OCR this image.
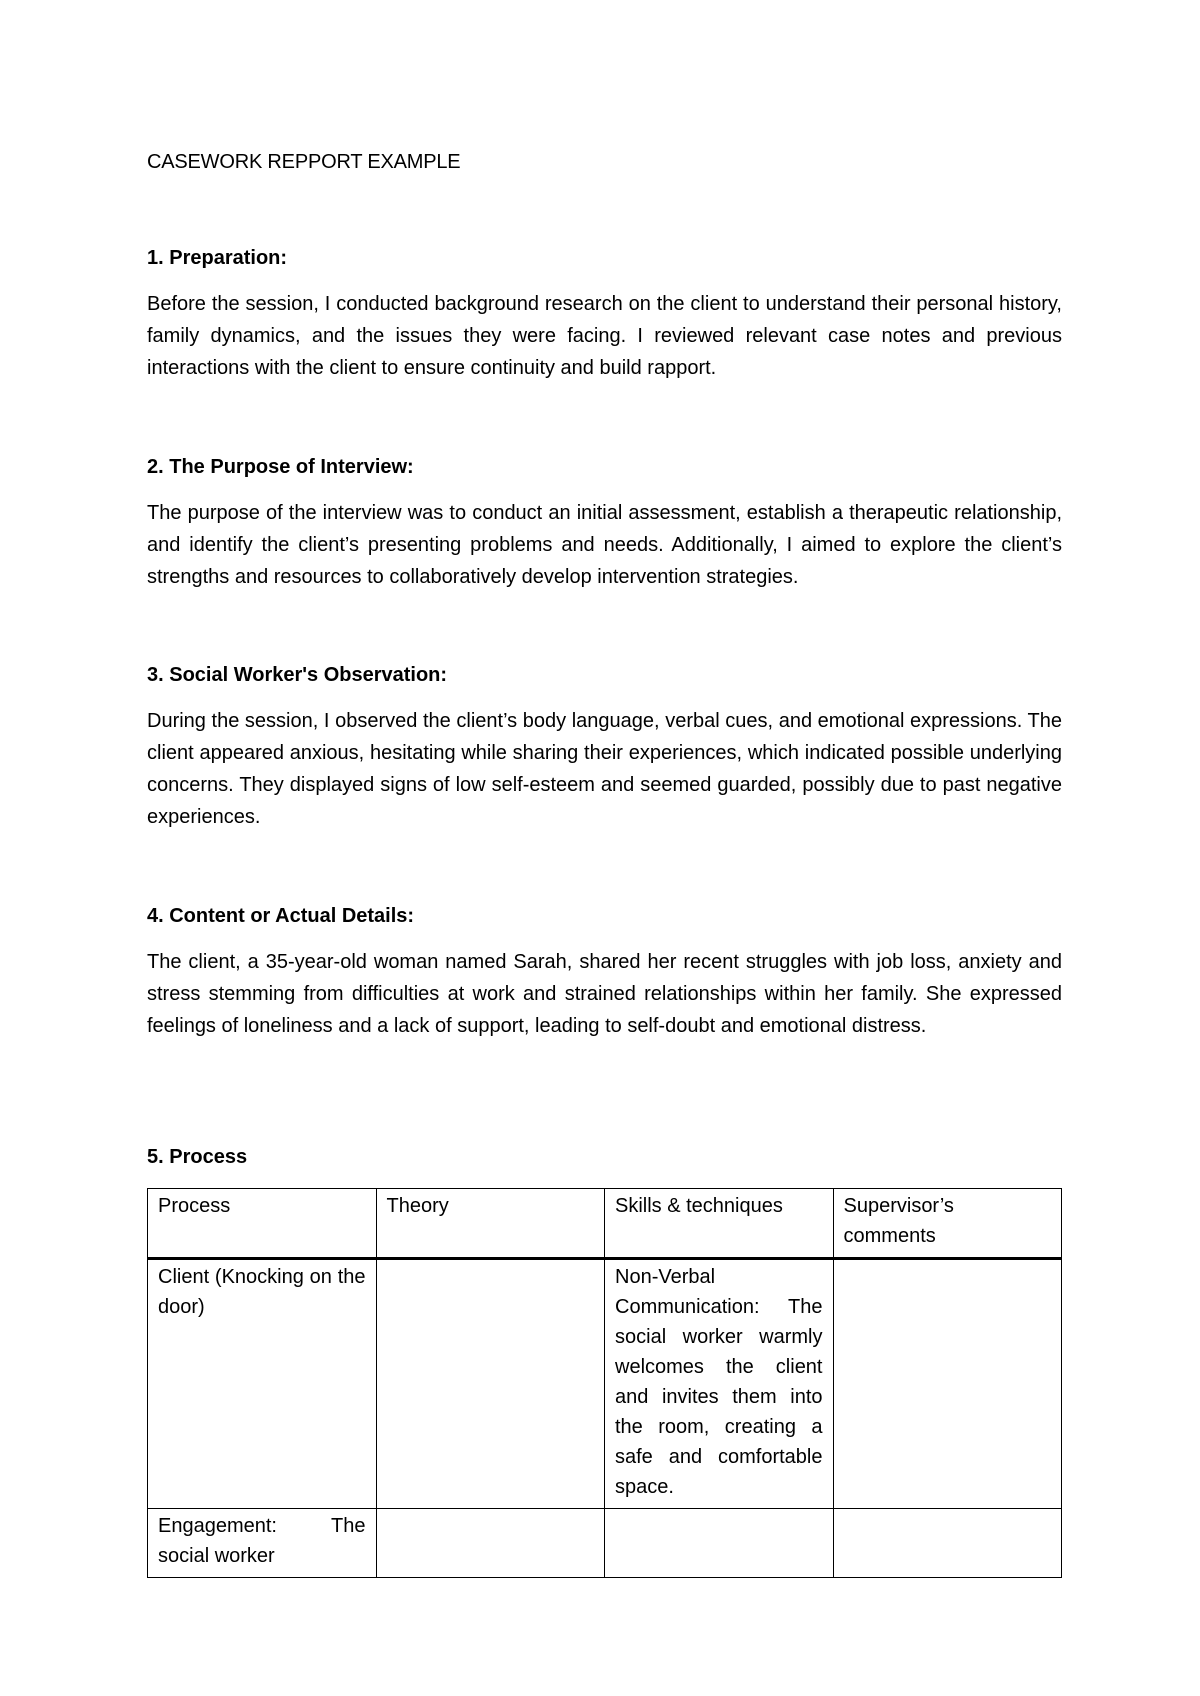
CASEWORK REPPORT EXAMPLE
1. Preparation:

Before the session, I conducted background research on the client to understand their personal history, family dynamics, and the issues they were facing. I reviewed relevant case notes and previous interactions with the client to ensure continuity and build rapport.

2. The Purpose of Interview:

The purpose of the interview was to conduct an initial assessment, establish a therapeutic relationship, and identify the client’s presenting problems and needs. Additionally, I aimed to explore the client’s strengths and resources to collaboratively develop intervention strategies.

3. Social Worker's Observation:

During the session, I observed the client’s body language, verbal cues, and emotional expressions. The client appeared anxious, hesitating while sharing their experiences, which indicated possible underlying concerns. They displayed signs of low self-esteem and seemed guarded, possibly due to past negative experiences.

4. Content or Actual Details:

The client, a 35-year-old woman named Sarah, shared her recent struggles with job loss, anxiety and stress stemming from difficulties at work and strained relationships within her family. She expressed feelings of loneliness and a lack of support, leading to self-doubt and emotional distress.

5. Process
Process	Theory	Skills & techniques	Supervisor’s comments
Client (Knocking on the door)		Non-Verbal Communication: The social worker warmly welcomes the client and invites them into the room, creating a safe and comfortable space.	
Engagement: The social worker			
